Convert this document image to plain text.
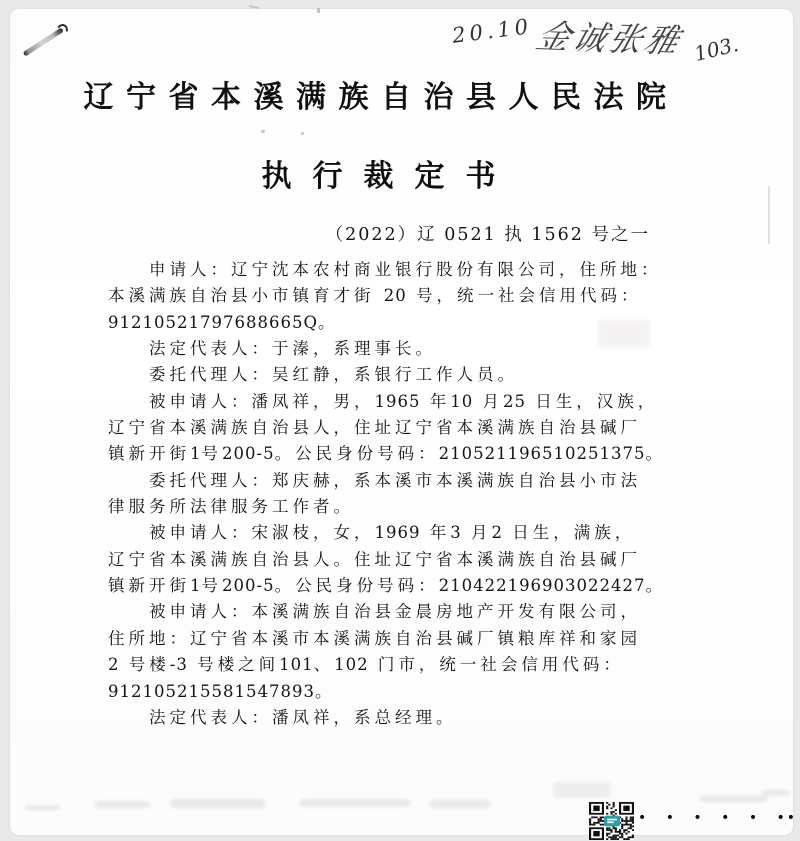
20.10
金诚张雅 103.
辽宁省本溪满族自治县人民法院
执行裁定书
（2022）辽 0521 执 1562 号之一
申请人：辽宁沈本农村商业银行股份有限公司，住所地：
本溪满族自治县小市镇育才街 20 号，统一社会信用代码：
91210521797688665Q。
法定代表人：于溱，系理事长。
委托代理人：吴红静，系银行工作人员。
被申请人：潘凤祥，男，1965 年10 月25 日生，汉族，
辽宁省本溪满族自治县人，住址辽宁省本溪满族自治县碱厂
镇新开街1号200-5。公民身份号码：210521196510251375。
委托代理人：郑庆赫，系本溪市本溪满族自治县小市法
律服务所法律服务工作者。
被申请人：宋淑枝，女，1969 年3 月2 日生，满族，
辽宁省本溪满族自治县人。住址辽宁省本溪满族自治县碱厂
镇新开街1号200-5。公民身份号码：210422196903022427。
被申请人：本溪满族自治县金晨房地产开发有限公司，
住所地：辽宁省本溪市本溪满族自治县碱厂镇粮库祥和家园
2 号楼-3 号楼之间101、102 门市，统一社会信用代码：
912105215581547893。
法定代表人：潘凤祥，系总经理。
• • • • • ••
